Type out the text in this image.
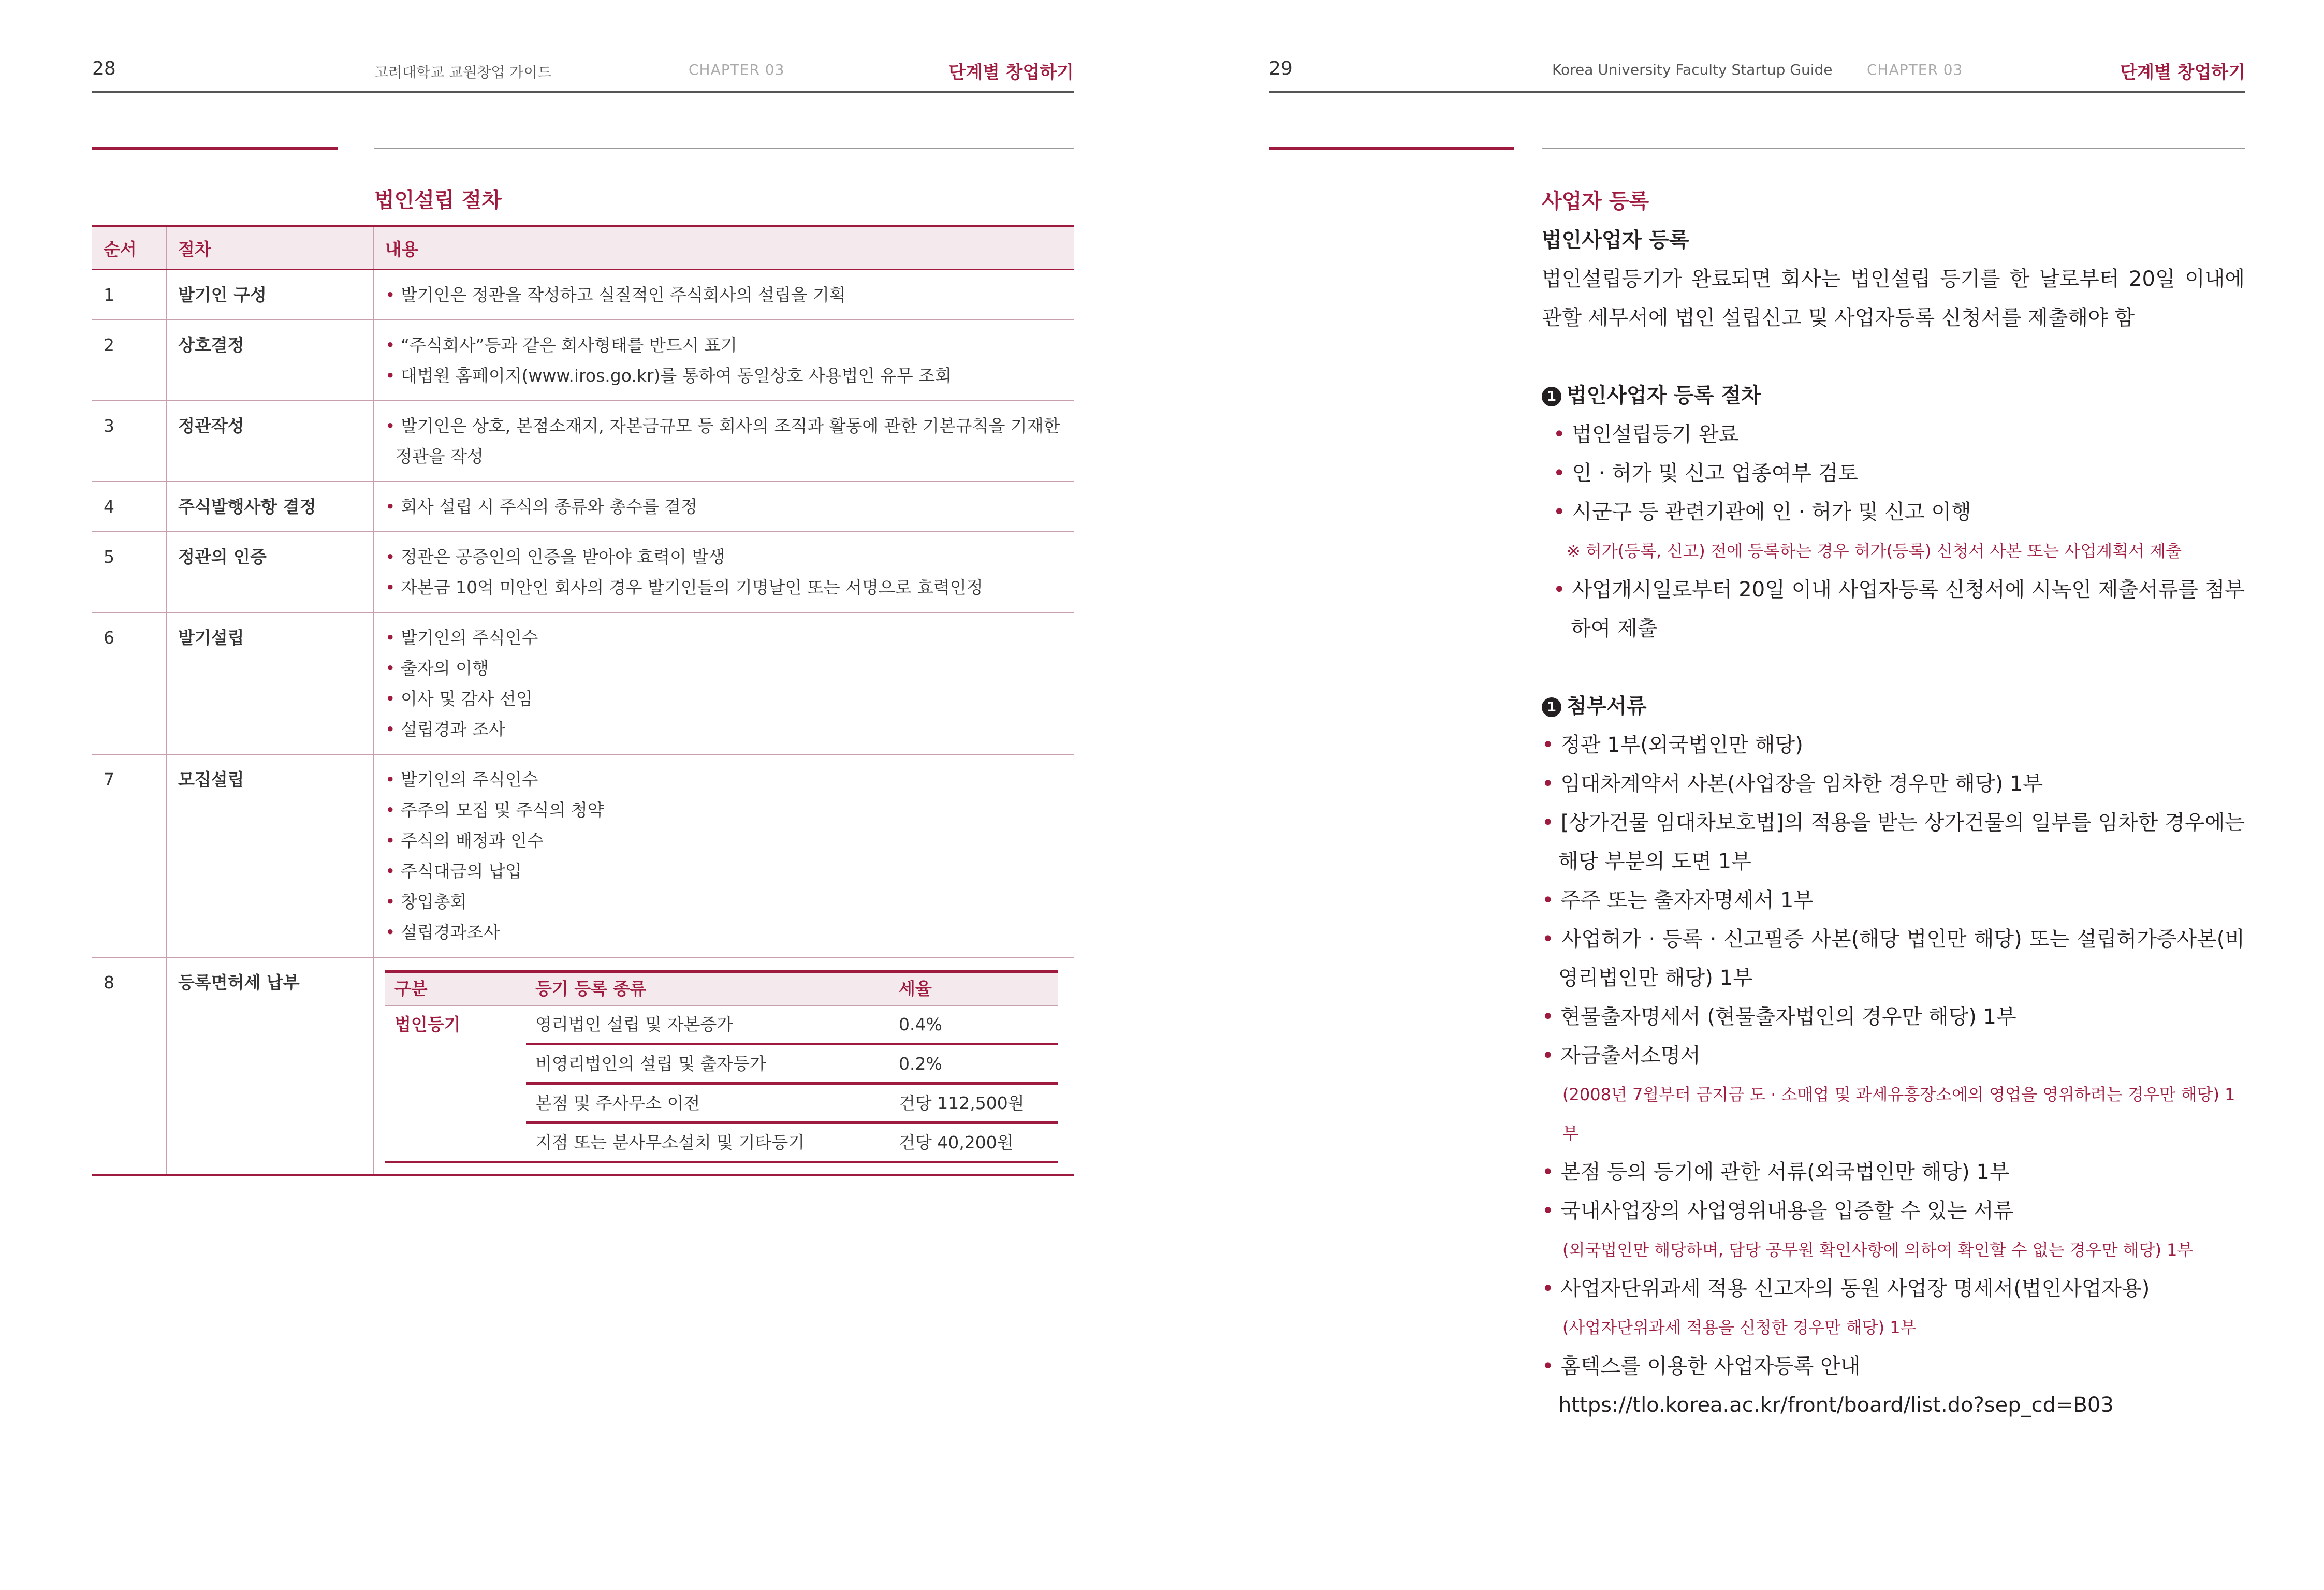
28	고려대학교 교원창업 가이드	CHAPTER 03	단계별 창업하기
법인설립 절차
순서	절차	내용
1	발기인 구성	• 발기인은 정관을 작성하고 실질적인 주식회사의 설립을 기획

2	상호결정	• “주식회사”등과 같은 회사형태를 반드시 표기
• 대법원 홈페이지(www.iros.go.kr)를 통하여 동일상호 사용법인 유무 조회

3	정관작성	• 발기인은 상호, 본점소재지, 자본금규모 등 회사의 조직과 활동에 관한 기본규칙을 기재한 정관을 작성

4	주식발행사항 결정	• 회사 설립 시 주식의 종류와 총수를 결정

5	정관의 인증	• 정관은 공증인의 인증을 받아야 효력이 발생
• 자본금 10억 미안인 회사의 경우 발기인들의 기명날인 또는 서명으로 효력인정

6	발기설립	• 발기인의 주식인수
• 출자의 이행
• 이사 및 감사 선임
• 설립경과 조사

7	모집설립	• 발기인의 주식인수
• 주주의 모집 및 주식의 청약
• 주식의 배정과 인수
• 주식대금의 납입
• 창입총회
• 설립경과조사

8	등록면허세 납부		구분	등기 등록 종류	세율
법인등기	영리법인 설립 및 자본증가	0.4%
비영리법인의 설립 및 출자등가	0.2%
본점 및 주사무소 이전	건당 112,500원
지점 또는 분사무소설치 및 기타등기	건당 40,200원
29	Korea University Faculty Startup Guide CHAPTER 03	단계별 창업하기
사업자 등록
법인사업자 등록
법인설립등기가 완료되면 회사는 법인설립 등기를 한 날로부터 20일 이내에 관할 세무서에 법인 설립신고 및 사업자등록 신청서를 제출해야 함
1 법인사업자 등록 절차
• 법인설립등기 완료
• 인 · 허가 및 신고 업종여부 검토
• 시군구 등 관련기관에 인 · 허가 및 신고 이행
※ 허가(등록, 신고) 전에 등록하는 경우 허가(등록) 신청서 사본 또는 사업계획서 제출
• 사업개시일로부터 20일 이내 사업자등록 신청서에 시녹인 제출서류를 첨부하여 제출
1 첨부서류
• 정관 1부(외국법인만 해당)
• 임대차계약서 사본(사업장을 임차한 경우만 해당) 1부
• [상가건물 임대차보호법]의 적용을 받는 상가건물의 일부를 임차한 경우에는 해당 부분의 도면 1부
• 주주 또는 출자자명세서 1부
• 사업허가 · 등록 · 신고필증 사본(해당 법인만 해당) 또는 설립허가증사본(비영리법인만 해당) 1부
• 현물출자명세서 (현물출자법인의 경우만 해당) 1부
• 자금출서소명서
(2008년 7월부터 금지금 도 · 소매업 및 과세유흥장소에의 영업을 영위하려는 경우만 해당) 1부
• 본점 등의 등기에 관한 서류(외국법인만 해당) 1부
• 국내사업장의 사업영위내용을 입증할 수 있는 서류
(외국법인만 해당하며, 담당 공무원 확인사항에 의하여 확인할 수 없는 경우만 해당) 1부
• 사업자단위과세 적용 신고자의 동원 사업장 명세서(법인사업자용)
(사업자단위과세 적용을 신청한 경우만 해당) 1부
• 홈텍스를 이용한 사업자등록 안내
https://tlo.korea.ac.kr/front/board/list.do?sep_cd=B03
